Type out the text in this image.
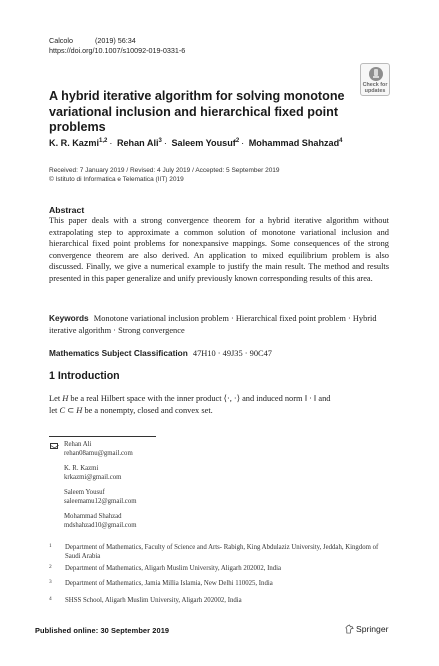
Calcolo	(2019) 56:34
https://doi.org/10.1007/s10092-019-0331-6
Check for
updates
A hybrid iterative algorithm for solving monotone variational inclusion and hierarchical fixed point problems
K. R. Kazmi$^{1,2}$ · Rehan Ali$^3$ · Saleem Yousuf$^2$ · Mohammad Shahzad$^4$
Received: 7 January 2019 / Revised: 4 July 2019 / Accepted: 5 September 2019
© Istituto di Informatica e Telematica (IIT) 2019
Abstract
This paper deals with a strong convergence theorem for a hybrid iterative algorithm without extrapolating step to approximate a common solution of monotone variational inclusion and hierarchical fixed point problems for nonexpansive mappings. Some consequences of the strong convergence theorem are also derived. An application to mixed equilibrium problem is also discussed. Finally, we give a numerical example to justify the main result. The method and results presented in this paper generalize and unify previously known corresponding results of this area.
Keywords Monotone variational inclusion problem · Hierarchical fixed point problem · Hybrid iterative algorithm · Strong convergence
Mathematics Subject Classification 47H10 · 49J35 · 90C47
1 Introduction
Let H be a real Hilbert space with the inner product ⟨·, ·⟩ and induced norm ‖ · ‖ and
let C ⊂ H be a nonempty, closed and convex set.
Rehan Ali
rehan08amu@gmail.com
K. R. Kazmi
krkazmi@gmail.com
Saleem Yousuf
saleemamu12@gmail.com
Mohammad Shahzad
mdshahzad10@gmail.com
1 Department of Mathematics, Faculty of Science and Arts- Rabigh, King Abdulaziz University, Jeddah, Kingdom of Saudi Arabia
2 Department of Mathematics, Aligarh Muslim University, Aligarh 202002, India
3 Department of Mathematics, Jamia Millia Islamia, New Delhi 110025, India
4 SHSS School, Aligarh Muslim University, Aligarh 202002, India
Published online: 30 September 2019	Springer
